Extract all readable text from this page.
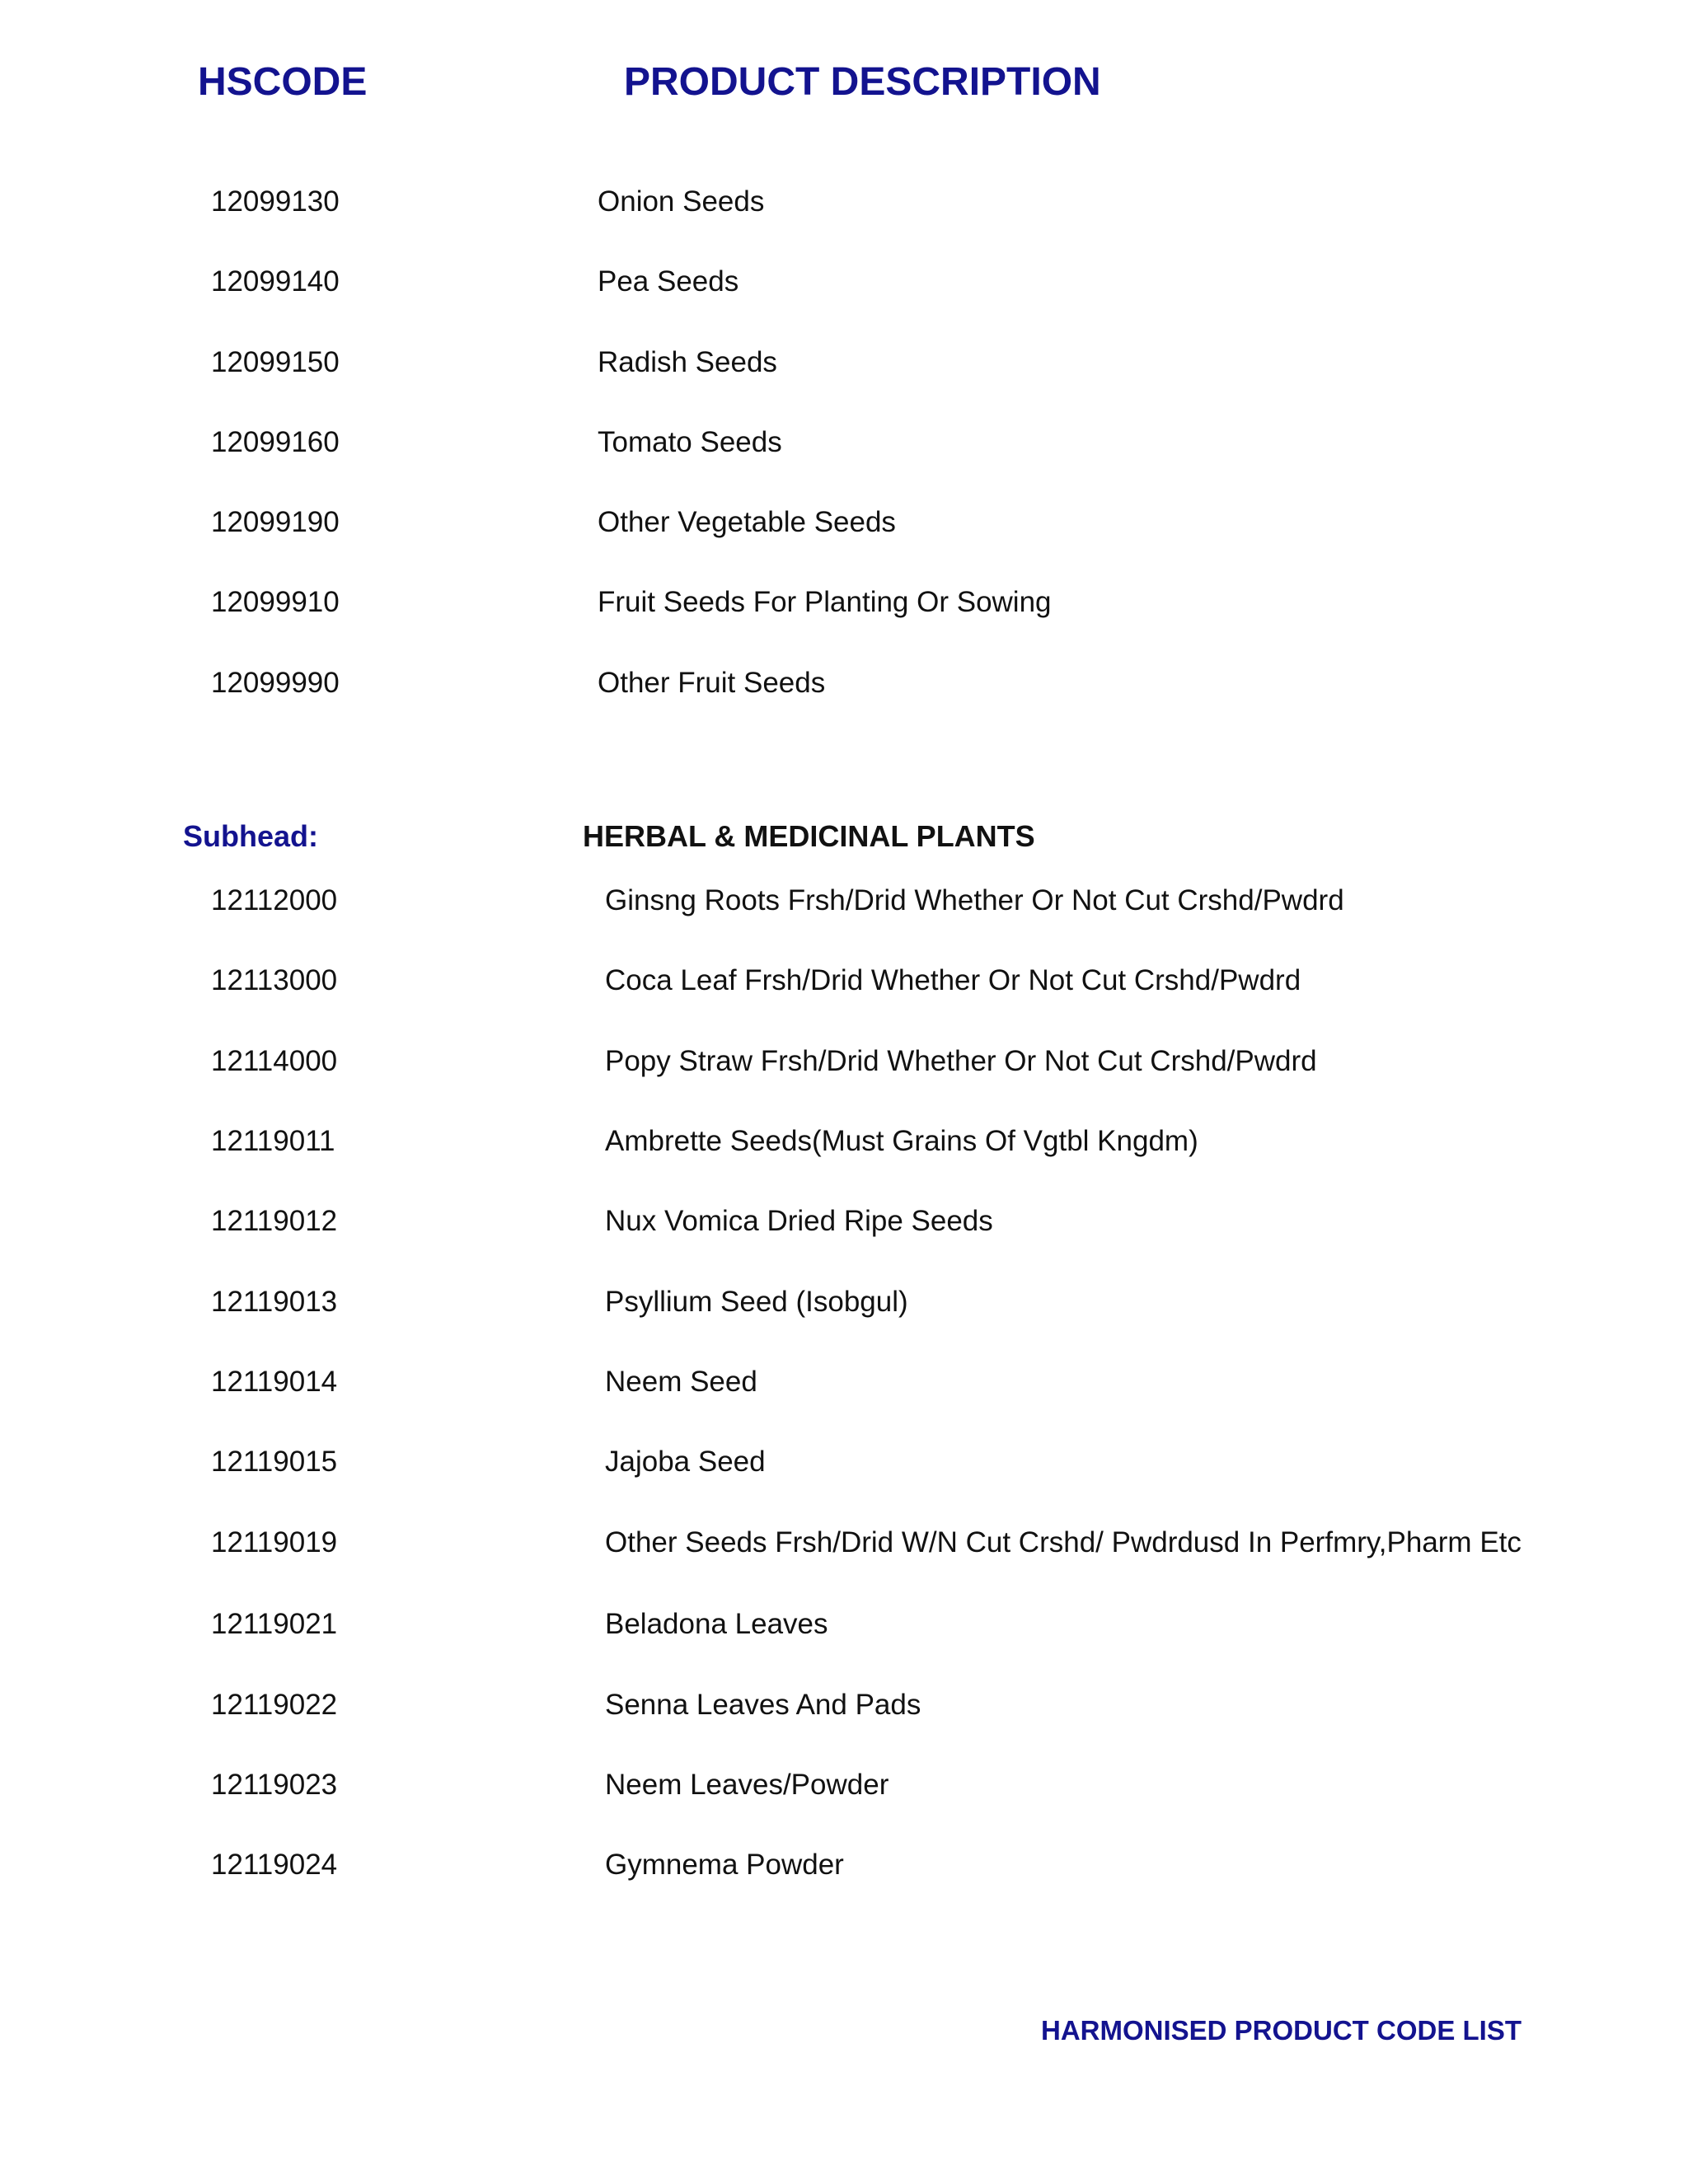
HSCODE	PRODUCT DESCRIPTION
12099130	Onion Seeds
12099140	Pea Seeds
12099150	Radish Seeds
12099160	Tomato Seeds
12099190	Other Vegetable Seeds
12099910	Fruit Seeds For Planting Or Sowing
12099990	Other Fruit Seeds
Subhead:	HERBAL & MEDICINAL PLANTS
12112000	Ginsng Roots Frsh/Drid Whether Or Not Cut Crshd/Pwdrd
12113000	Coca Leaf Frsh/Drid Whether Or Not Cut Crshd/Pwdrd
12114000	Popy Straw Frsh/Drid Whether Or Not Cut Crshd/Pwdrd
12119011	Ambrette Seeds(Must Grains Of Vgtbl Kngdm)
12119012	Nux Vomica Dried Ripe Seeds
12119013	Psyllium Seed (Isobgul)
12119014	Neem Seed
12119015	Jajoba Seed
12119019	Other Seeds Frsh/Drid W/N Cut Crshd/ Pwdrdusd In Perfmry,Pharm Etc
12119021	Beladona Leaves
12119022	Senna Leaves And Pads
12119023	Neem Leaves/Powder
12119024	Gymnema Powder
HARMONISED PRODUCT CODE LIST
